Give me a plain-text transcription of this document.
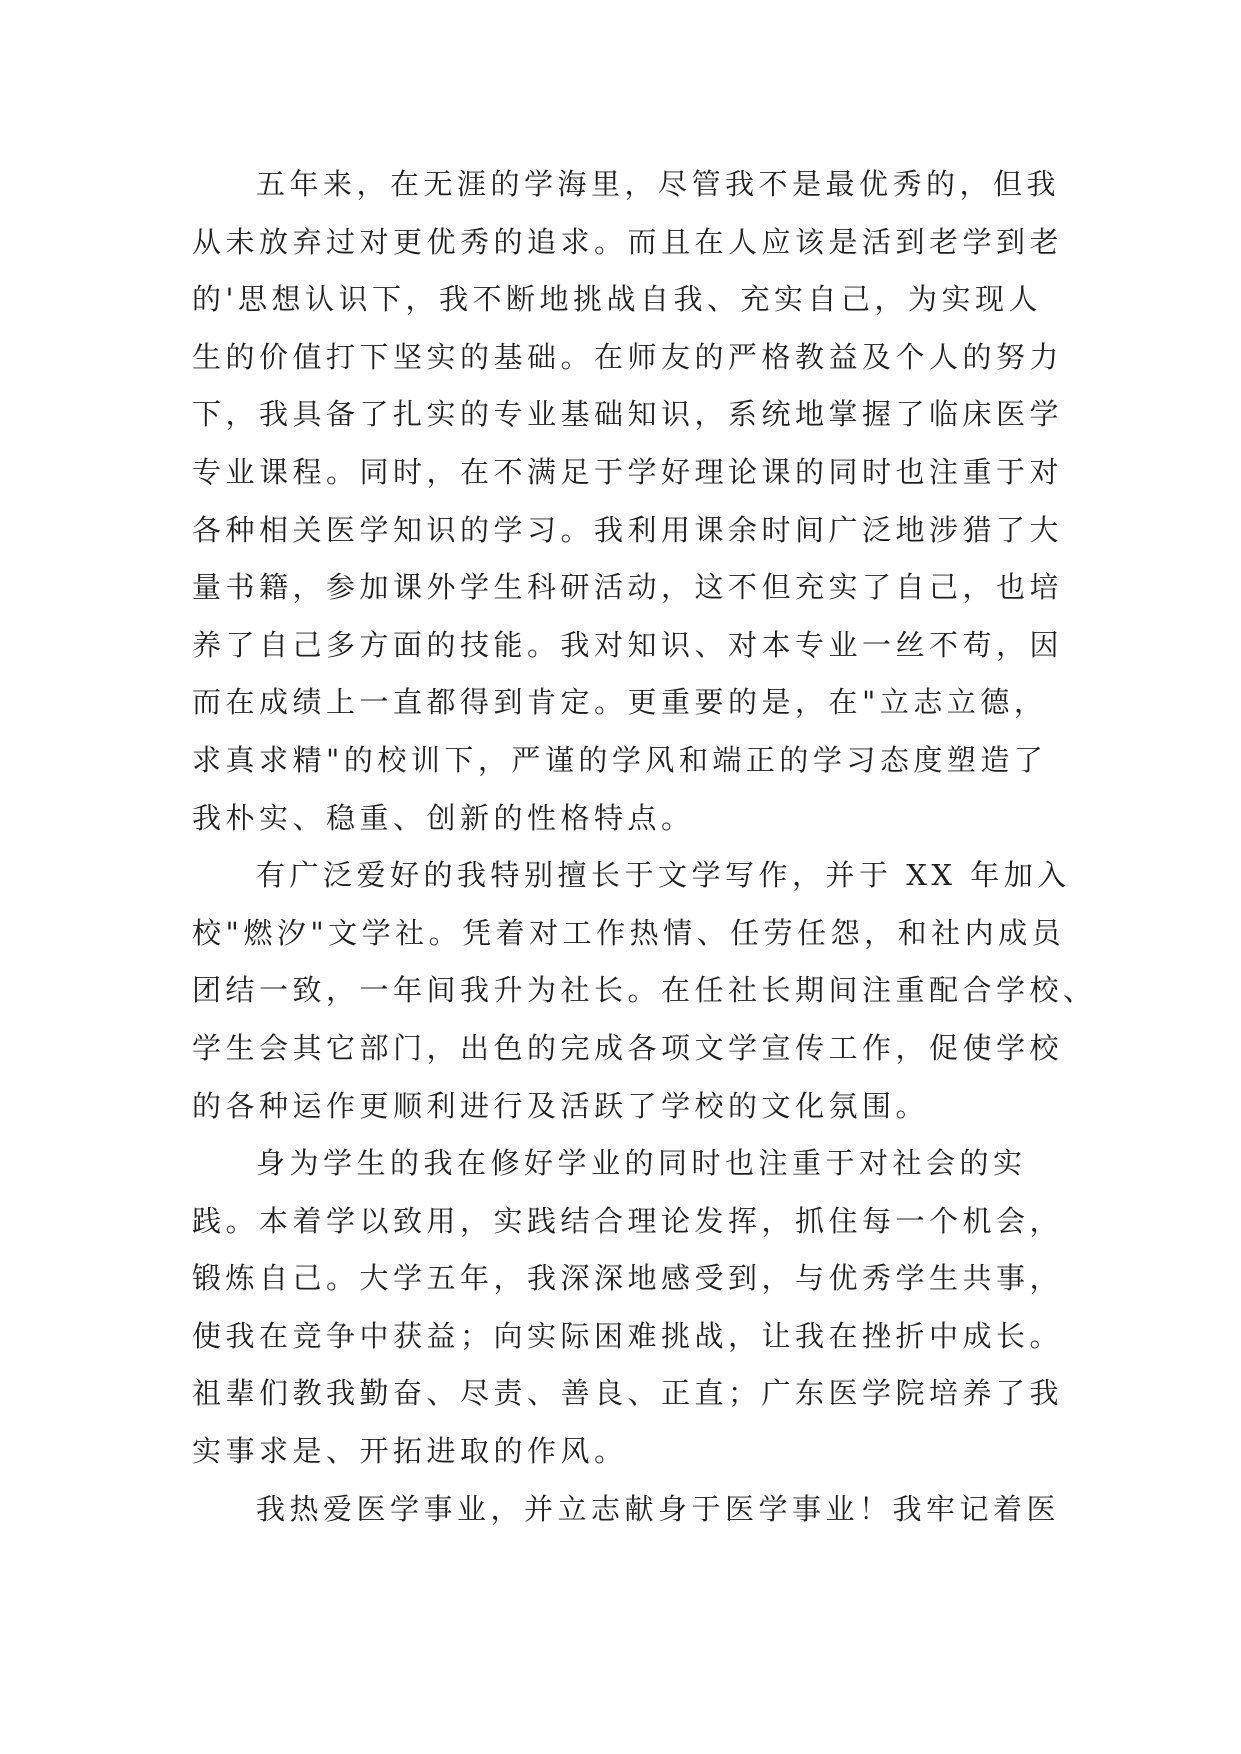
五年来，在无涯的学海里，尽管我不是最优秀的，但我
从未放弃过对更优秀的追求。而且在人应该是活到老学到老
的'思想认识下，我不断地挑战自我、充实自己，为实现人
生的价值打下坚实的基础。在师友的严格教益及个人的努力
下，我具备了扎实的专业基础知识，系统地掌握了临床医学
专业课程。同时，在不满足于学好理论课的同时也注重于对
各种相关医学知识的学习。我利用课余时间广泛地涉猎了大
量书籍，参加课外学生科研活动，这不但充实了自己，也培
养了自己多方面的技能。我对知识、对本专业一丝不苟，因
而在成绩上一直都得到肯定。更重要的是，在"立志立德，
求真求精"的校训下，严谨的学风和端正的学习态度塑造了
我朴实、稳重、创新的性格特点。
有广泛爱好的我特别擅长于文学写作，并于 XX 年加入
校"燃汐"文学社。凭着对工作热情、任劳任怨，和社内成员
团结一致，一年间我升为社长。在任社长期间注重配合学校、
学生会其它部门，出色的完成各项文学宣传工作，促使学校
的各种运作更顺利进行及活跃了学校的文化氛围。
身为学生的我在修好学业的同时也注重于对社会的实
践。本着学以致用，实践结合理论发挥，抓住每一个机会，
锻炼自己。大学五年，我深深地感受到，与优秀学生共事，
使我在竞争中获益；向实际困难挑战，让我在挫折中成长。
祖辈们教我勤奋、尽责、善良、正直；广东医学院培养了我
实事求是、开拓进取的作风。
我热爱医学事业，并立志献身于医学事业！我牢记着医
